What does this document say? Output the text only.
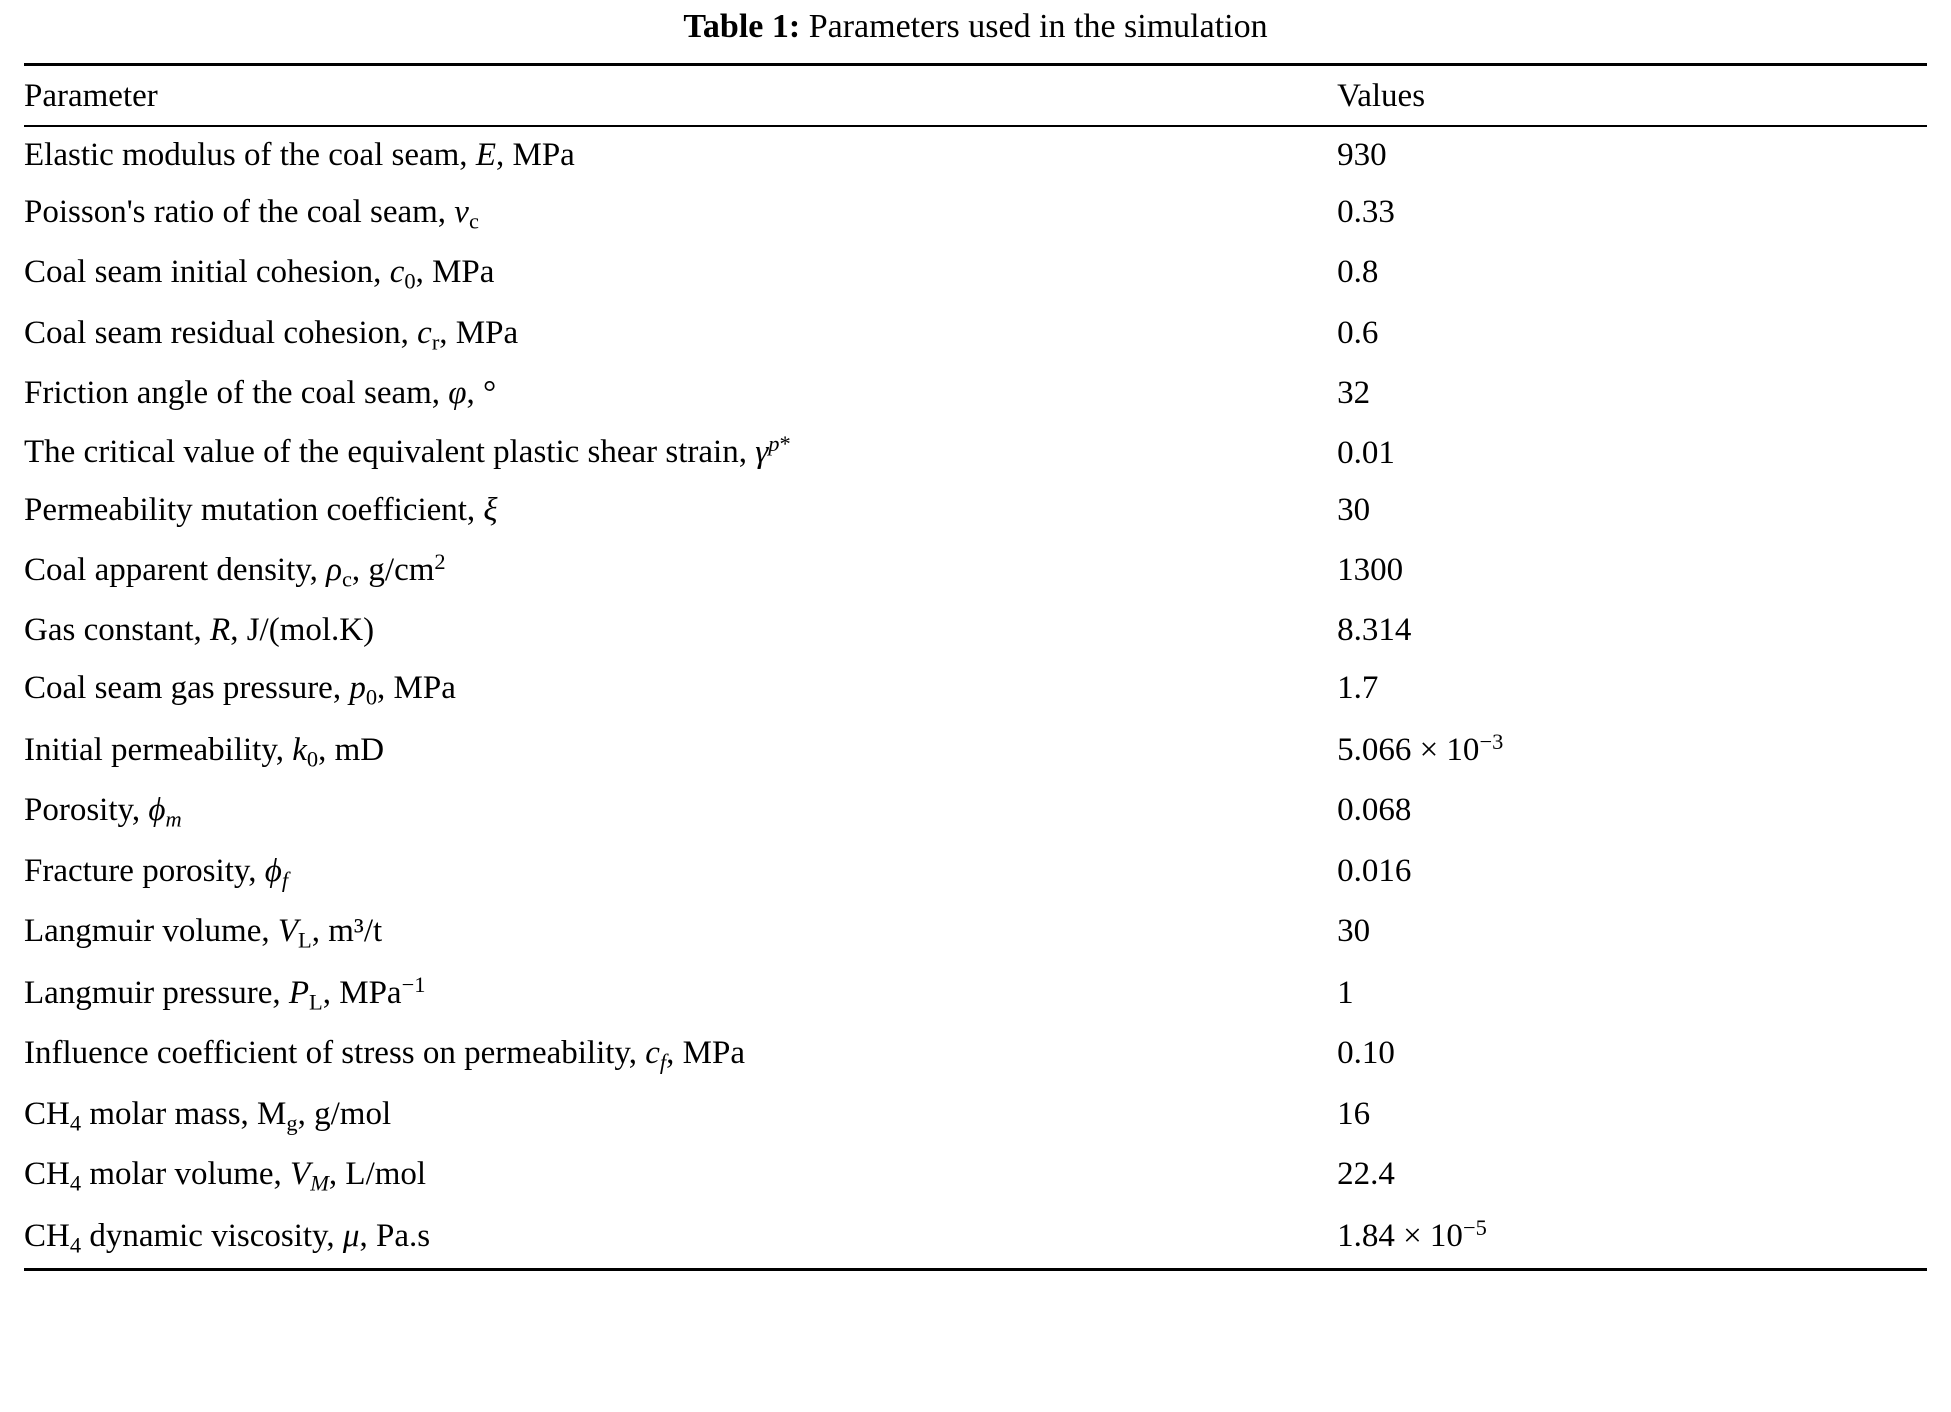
Table 1: Parameters used in the simulation
Parameter	Values
Elastic modulus of the coal seam, E, MPa	930
Poisson's ratio of the coal seam, $v_c$	0.33
Coal seam initial cohesion, $c_0$, MPa	0.8
Coal seam residual cohesion, $c_r$, MPa	0.6
Friction angle of the coal seam, φ, °	32
The critical value of the equivalent plastic shear strain, $\gamma^{p*}$	0.01
Permeability mutation coefficient, ξ	30
Coal apparent density, $\rho_c$, $g/cm^2$	1300
Gas constant, R, J/(mol.K)	8.314
Coal seam gas pressure, $p_0$, MPa	1.7
Initial permeability, $k_0$, mD	$5.066 \times 10^{-3}$
Porosity, $\phi_m$	0.068
Fracture porosity, $\phi_f$	0.016
Langmuir volume, $V_L$, m³/t	30
Langmuir pressure, $P_L$, MPa$^{-1}$	1
Influence coefficient of stress on permeability, $c_f$, MPa	0.10
$CH_4$ molar mass, $M_g$, g/mol	16
$CH_4$ molar volume, $V_M$, L/mol	22.4
$CH_4$ dynamic viscosity, μ, Pa.s	$1.84 \times 10^{-5}$
